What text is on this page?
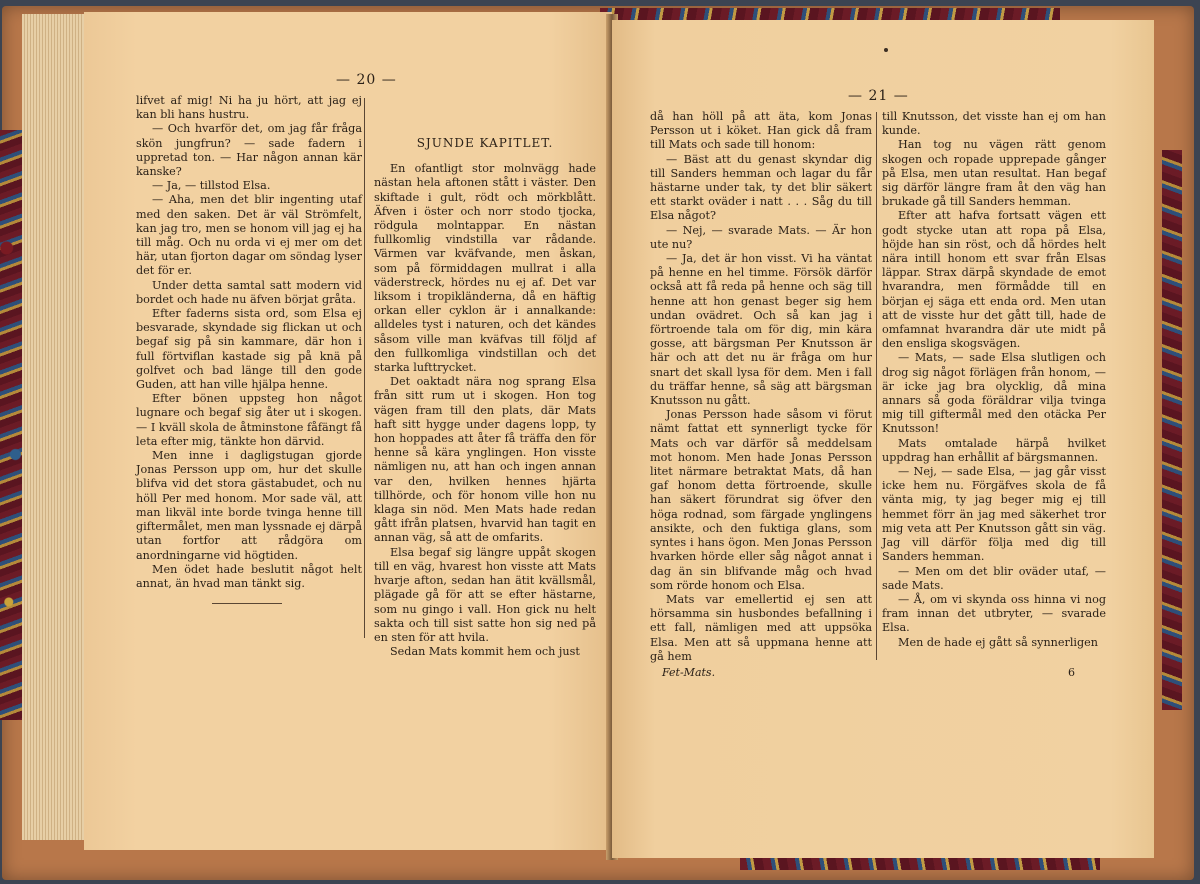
— 20 —

lifvet af mig! Ni ha ju hört, att jag ej kan bli hans hustru.

— Och hvarför det, om jag får fråga skön jungfrun? — sade fadern i uppretad ton. — Har någon annan kär kanske?

— Ja, — tillstod Elsa.

— Aha, men det blir ingenting utaf med den saken. Det är väl Strömfelt, kan jag tro, men se honom vill jag ej ha till måg. Och nu orda vi ej mer om det här, utan fjorton dagar om söndag lyser det för er.

Under detta samtal satt modern vid bordet och hade nu äfven börjat gråta.

Efter faderns sista ord, som Elsa ej besvarade, skyndade sig flickan ut och begaf sig på sin kammare, där hon i full förtviflan kastade sig på knä på golfvet och bad länge till den gode Guden, att han ville hjälpa henne.

Efter bönen uppsteg hon något lugnare och begaf sig åter ut i skogen. — I kväll skola de åtminstone fåfängt få leta efter mig, tänkte hon därvid.

Men inne i dagligstugan gjorde Jonas Persson upp om, hur det skulle blifva vid det stora gästabudet, och nu höll Per med honom. Mor sade väl, att man likväl inte borde tvinga henne till giftermålet, men man lyssnade ej därpå utan fortfor att rådgöra om anordningarne vid högtiden.

Men ödet hade beslutit något helt annat, än hvad man tänkt sig.

SJUNDE KAPITLET.

En ofantligt stor molnvägg hade nästan hela aftonen stått i väster. Den skiftade i gult, rödt och mörkblått. Äfven i öster och norr stodo tjocka, rödgula molntappar. En nästan fullkomlig vindstilla var rådande. Värmen var kväfvande, men åskan, som på förmiddagen mullrat i alla väderstreck, hördes nu ej af. Det var liksom i tropikländerna, då en häftig orkan eller cyklon är i annalkande: alldeles tyst i naturen, och det kändes såsom ville man kväfvas till följd af den fullkomliga vindstillan och det starka lufttrycket.

Det oaktadt nära nog sprang Elsa från sitt rum ut i skogen. Hon tog vägen fram till den plats, där Mats haft sitt hygge under dagens lopp, ty hon hoppades att åter få träffa den för henne så kära ynglingen. Hon visste nämligen nu, att han och ingen annan var den, hvilken hennes hjärta tillhörde, och för honom ville hon nu klaga sin nöd. Men Mats hade redan gått ifrån platsen, hvarvid han tagit en annan väg, så att de omfarits.

Elsa begaf sig längre uppåt skogen till en väg, hvarest hon visste att Mats hvarje afton, sedan han ätit kvällsmål, plägade gå för att se efter hästarne, som nu gingo i vall. Hon gick nu helt sakta och till sist satte hon sig ned på en sten för att hvila.

Sedan Mats kommit hem och just

— 21 —

då han höll på att äta, kom Jonas Persson ut i köket. Han gick då fram till Mats och sade till honom:

— Bäst att du genast skyndar dig till Sanders hemman och lagar du får hästarne under tak, ty det blir säkert ett starkt oväder i natt . . . Såg du till Elsa något?

— Nej, — svarade Mats. — Är hon ute nu?

— Ja, det är hon visst. Vi ha väntat på henne en hel timme. Försök därför också att få reda på henne och säg till henne att hon genast beger sig hem undan ovädret. Och så kan jag i förtroende tala om för dig, min kära gosse, att bärgsman Per Knutsson är här och att det nu är fråga om hur snart det skall lysa för dem. Men i fall du träffar henne, så säg att bärgsman Knutsson nu gått.

Jonas Persson hade såsom vi förut nämt fattat ett synnerligt tycke för Mats och var därför så meddelsam mot honom. Men hade Jonas Persson litet närmare betraktat Mats, då han gaf honom detta förtroende, skulle han säkert förundrat sig öfver den höga rodnad, som färgade ynglingens ansikte, och den fuktiga glans, som syntes i hans ögon. Men Jonas Persson hvarken hörde eller såg något annat i dag än sin blifvande måg och hvad som rörde honom och Elsa.

Mats var emellertid ej sen att hörsamma sin husbondes befallning i ett fall, nämligen med att uppsöka Elsa. Men att så uppmana henne att gå hem

till Knutsson, det visste han ej om han kunde.

Han tog nu vägen rätt genom skogen och ropade upprepade gånger på Elsa, men utan resultat. Han begaf sig därför längre fram åt den väg han brukade gå till Sanders hemman.

Efter att hafva fortsatt vägen ett godt stycke utan att ropa på Elsa, höjde han sin röst, och då hördes helt nära intill honom ett svar från Elsas läppar. Strax därpå skyndade de emot hvarandra, men förmådde till en början ej säga ett enda ord. Men utan att de visste hur det gått till, hade de omfamnat hvarandra där ute midt på den ensliga skogsvägen.

— Mats, — sade Elsa slutligen och drog sig något förlägen från honom, — är icke jag bra olycklig, då mina annars så goda föräldrar vilja tvinga mig till giftermål med den otäcka Per Knutsson!

Mats omtalade härpå hvilket uppdrag han erhållit af bärgsmannen.

— Nej, — sade Elsa, — jag går visst icke hem nu. Förgäfves skola de få vänta mig, ty jag beger mig ej till hemmet förr än jag med säkerhet tror mig veta att Per Knutsson gått sin väg. Jag vill därför följa med dig till Sanders hemman.

— Men om det blir oväder utaf, — sade Mats.

— Å, om vi skynda oss hinna vi nog fram innan det utbryter, — svarade Elsa.

Men de hade ej gått så synnerligen

Fet-Mats.	6
